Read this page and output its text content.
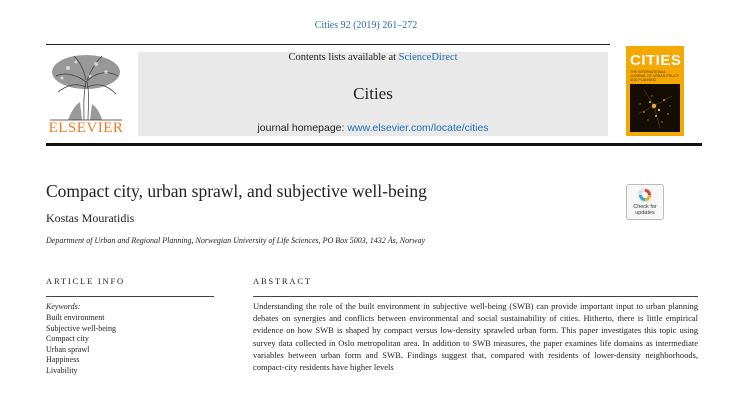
Cities 92 (2019) 261–272
ELSEVIER
Contents lists available at ScienceDirect
Cities
journal homepage: www.elsevier.com/locate/cities
CITIES
THE INTERNATIONAL JOURNAL OF URBAN POLICY AND PLANNING
Compact city, urban sprawl, and subjective well-being
Kostas Mouratidis
Department of Urban and Regional Planning, Norwegian University of Life Sciences, PO Box 5003, 1432 Ås, Norway
Check for updates
ARTICLE INFO
Keywords:
Built environment
Subjective well-being
Compact city
Urban sprawl
Happiness
Livability
ABSTRACT
Understanding the role of the built environment in subjective well-being (SWB) can provide important input to urban planning debates on synergies and conflicts between environmental and social sustainability of cities. Hitherto, there is little empirical evidence on how SWB is shaped by compact versus low-density sprawled urban form. This paper investigates this topic using survey data collected in Oslo metropolitan area. In addition to SWB measures, the paper examines life domains as intermediate variables between urban form and SWB. Findings suggest that, compared with residents of lower-density neighborhoods, compact-city residents have higher levels
